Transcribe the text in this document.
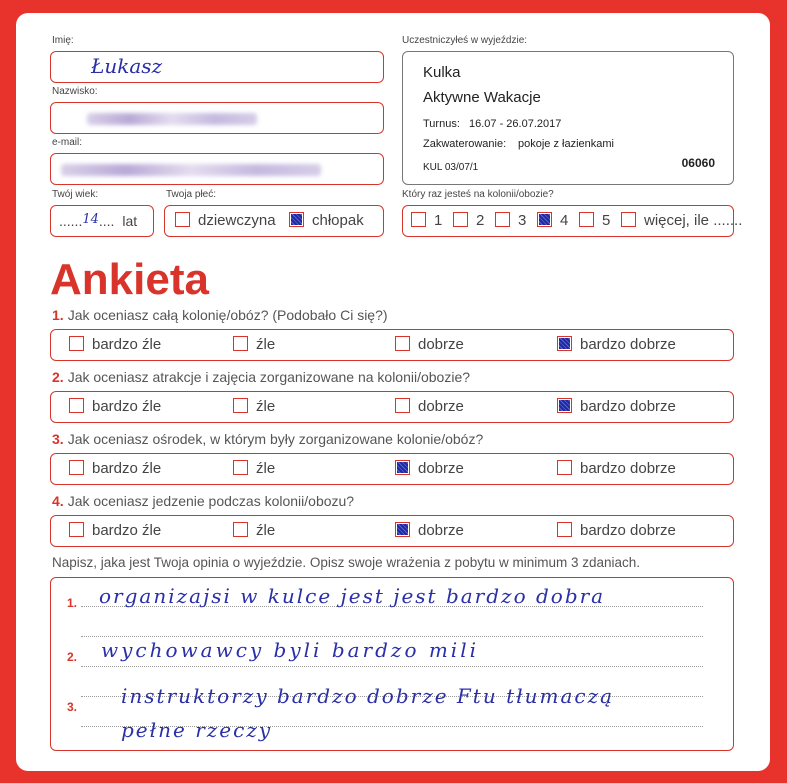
Imię:
Łukasz
Nazwisko:
e-mail:
Twój wiek:
......14.... lat
Twoja płeć:
dziewczyna	chłopak
Uczestniczyłeś w wyjeździe:
Kulka
Aktywne Wakacje
Turnus: 16.07 - 26.07.2017
Zakwaterowanie: pokoje z łazienkami
KUL 03/07/1	06060
Który raz jesteś na kolonii/obozie?
1	2	3	4	5	więcej, ile .......
Ankieta
1. Jak oceniasz całą kolonię/obóz? (Podobało Ci się?)
bardzo źle	źle	dobrze	bardzo dobrze
2. Jak oceniasz atrakcje i zajęcia zorganizowane na kolonii/obozie?
bardzo źle	źle	dobrze	bardzo dobrze
3. Jak oceniasz ośrodek, w którym były zorganizowane kolonie/obóz?
bardzo źle	źle	dobrze	bardzo dobrze
4. Jak oceniasz jedzenie podczas kolonii/obozu?
bardzo źle	źle	dobrze	bardzo dobrze
Napisz, jaka jest Twoja opinia o wyjeździe. Opisz swoje wrażenia z pobytu w minimum 3 zdaniach.
1. organizajsi w kulce jest jest bardzo dobra
2. wychowawcy byli bardzo mili
3. instruktorzy bardzo dobrze Ftu tłumaczą
pełne rzeczy
